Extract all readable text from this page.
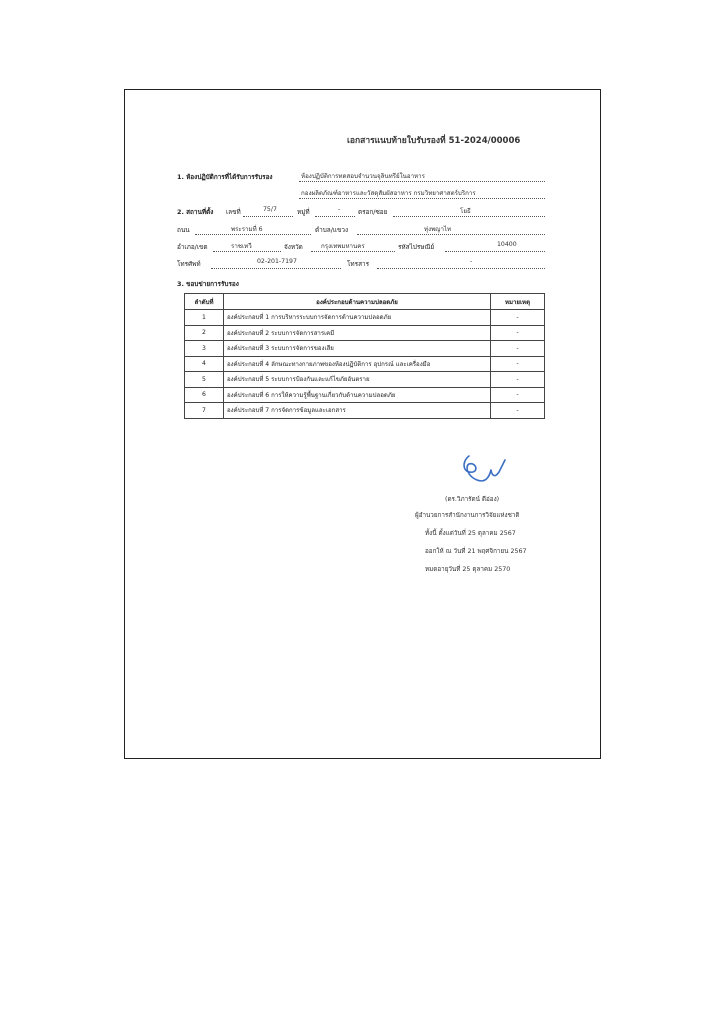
เอกสารแนบท้ายใบรับรองที่ 51-2024/00006
1. ห้องปฏิบัติการที่ได้รับการรับรอง	ห้องปฏิบัติการทดสอบจำนวนจุลินทรีย์ในอาหาร
กองผลิตภัณฑ์อาหารและวัสดุสัมผัสอาหาร กรมวิทยาศาสตร์บริการ
2. สถานที่ตั้ง เลขที่	75/7	หมู่ที่	-	ตรอก/ซอย	โยธี
ถนน	พระรามที่ 6	ตำบล/แขวง	ทุ่งพญาไท
อำเภอ/เขต	ราชเทวี	จังหวัด	กรุงเทพมหานคร	รหัสไปรษณีย์	10400
โทรศัพท์	02-201-7197	โทรสาร	-
3. ขอบข่ายการรับรอง
ลำดับที่	องค์ประกอบด้านความปลอดภัย	หมายเหตุ
1	องค์ประกอบที่ 1 การบริหารระบบการจัดการด้านความปลอดภัย	-
2	องค์ประกอบที่ 2 ระบบการจัดการสารเคมี	-
3	องค์ประกอบที่ 3 ระบบการจัดการของเสีย	-
4	องค์ประกอบที่ 4 ลักษณะทางกายภาพของห้องปฏิบัติการ อุปกรณ์ และเครื่องมือ	-
5	องค์ประกอบที่ 5 ระบบการป้องกันและแก้ไขภัยอันตราย	-
6	องค์ประกอบที่ 6 การให้ความรู้พื้นฐานเกี่ยวกับด้านความปลอดภัย	-
7	องค์ประกอบที่ 7 การจัดการข้อมูลและเอกสาร	-
(ดร.วิภารัตน์ ดีอ่อง)
ผู้อำนวยการสำนักงานการวิจัยแห่งชาติ
ทั้งนี้ ตั้งแต่วันที่ 25 ตุลาคม 2567
ออกให้ ณ วันที่ 21 พฤศจิกายน 2567
หมดอายุวันที่ 25 ตุลาคม 2570
